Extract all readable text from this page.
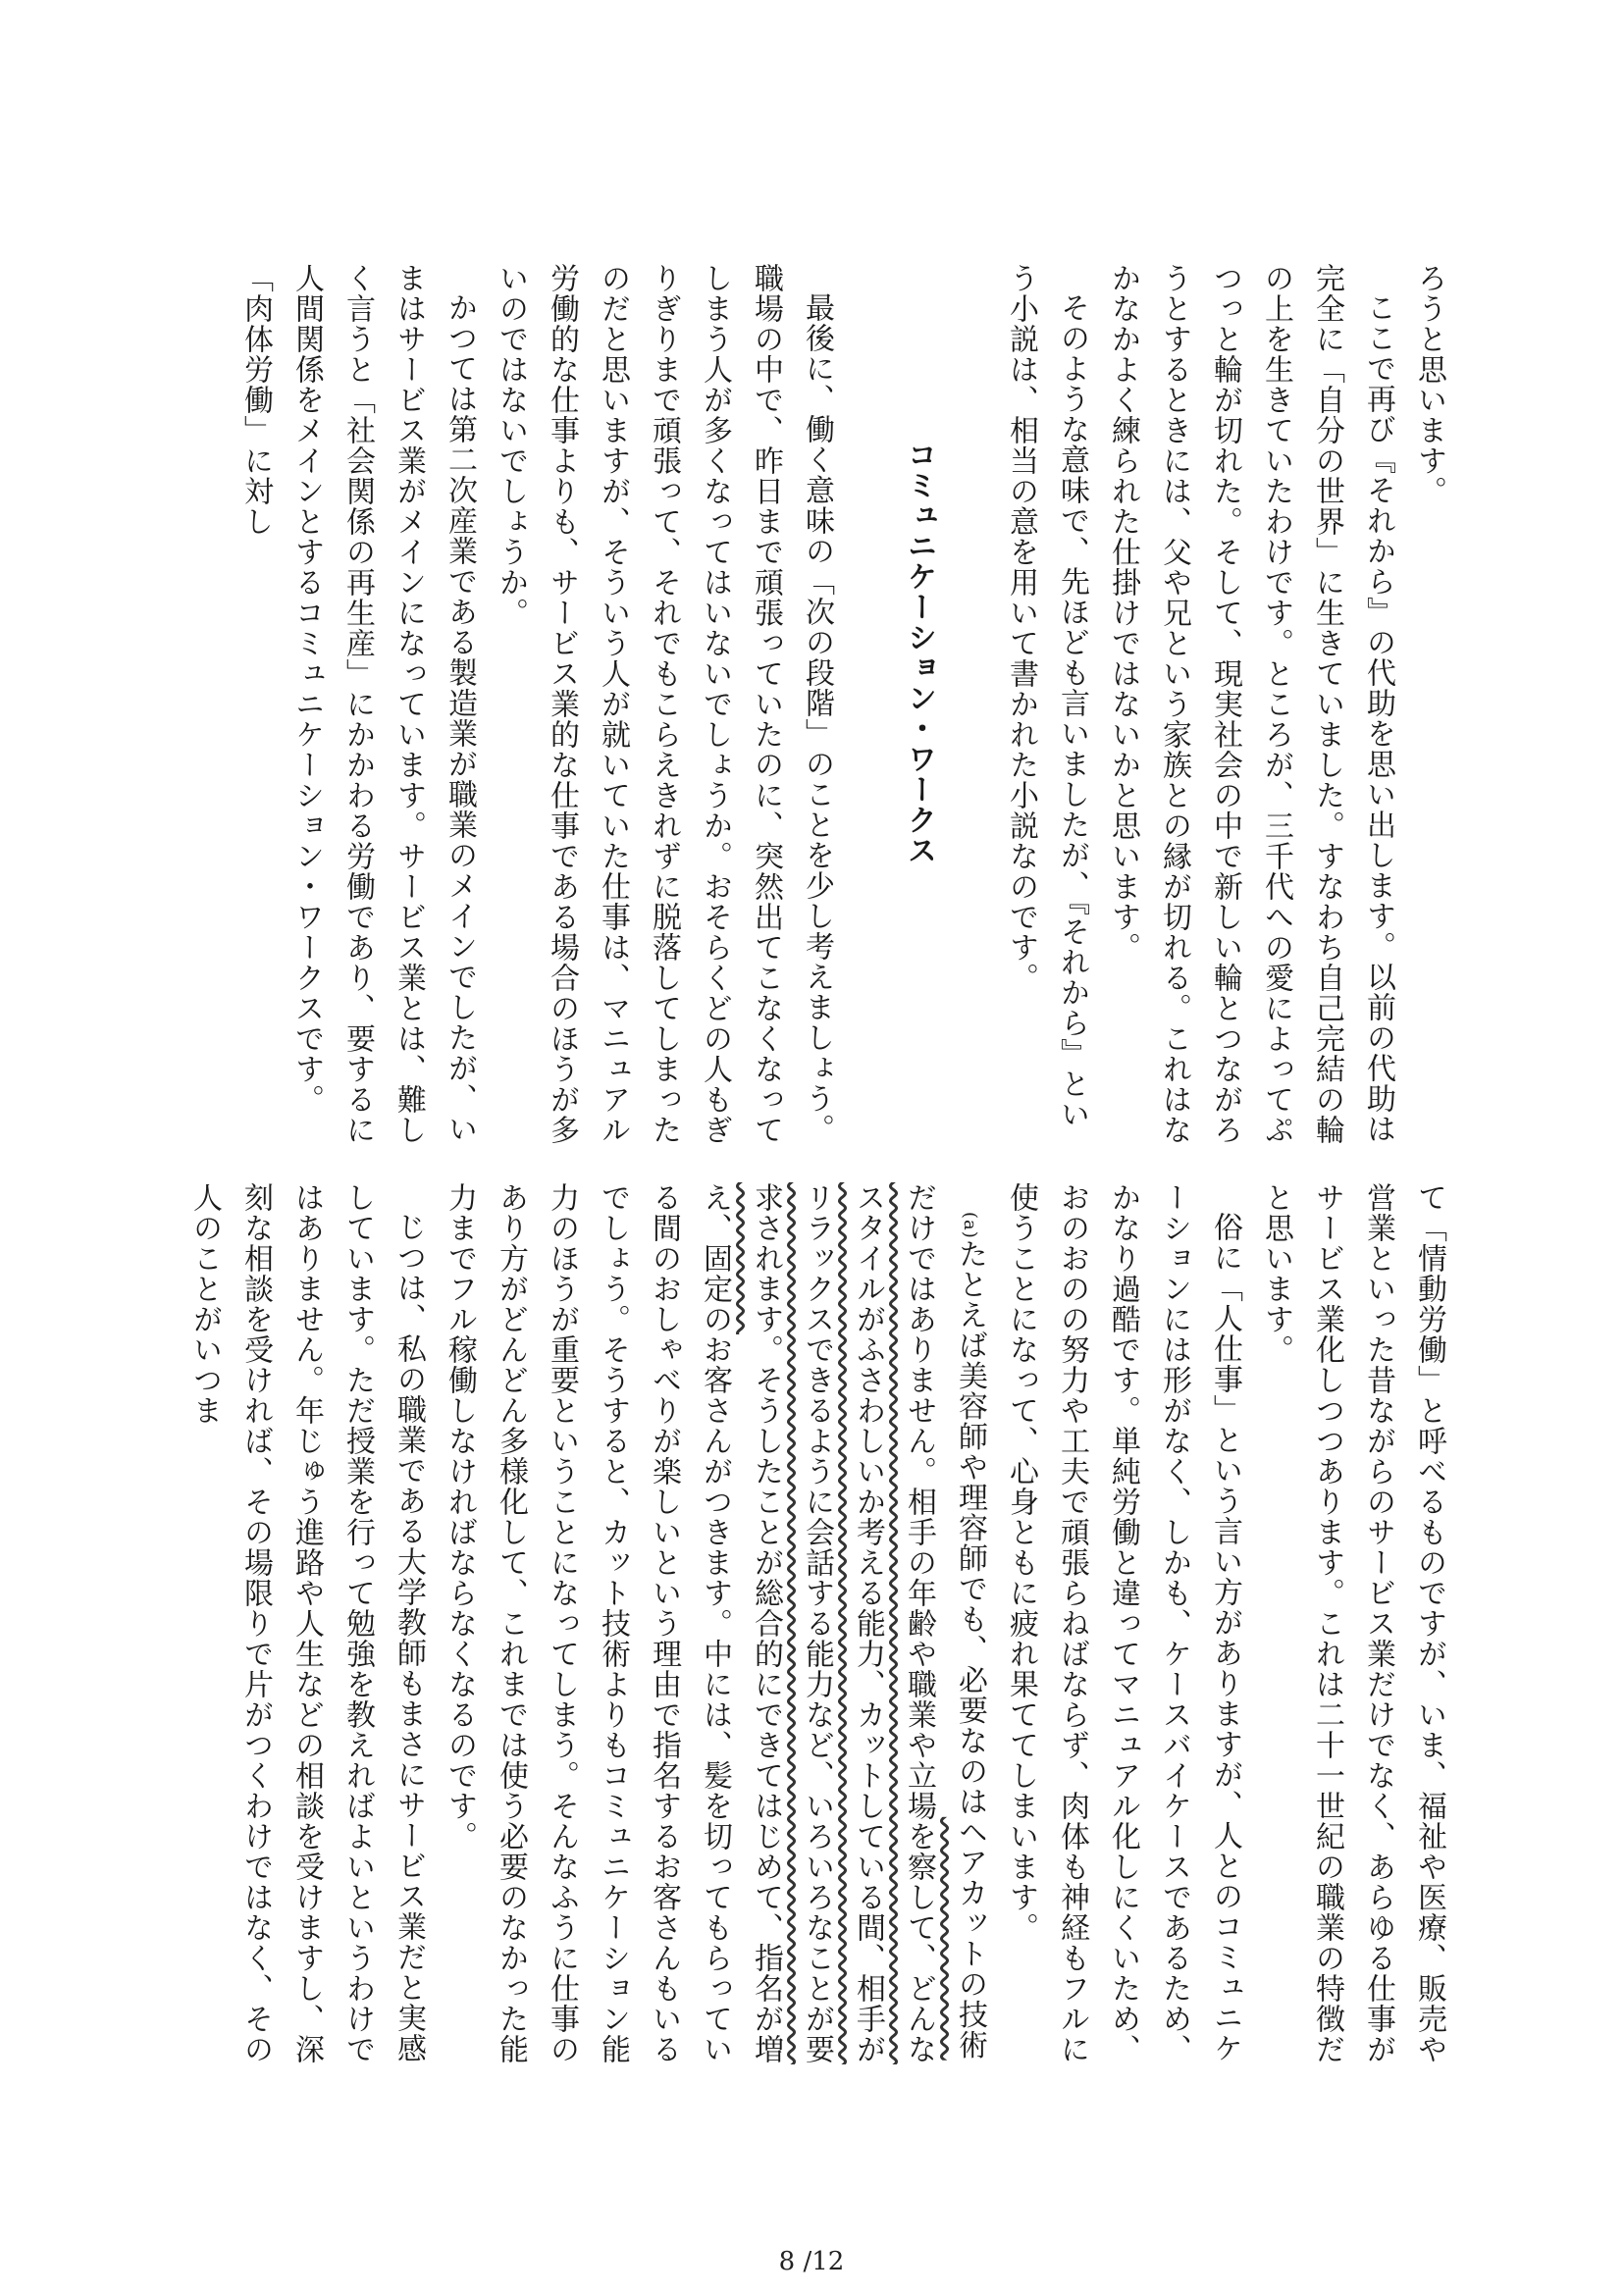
ろうと思います。

ここで再び『それから』の代助を思い出します。以前の代助は完全に「自分の世界」に生きていました。すなわち自己完結の輪の上を生きていたわけです。ところが、三千代への愛によってぷつっと輪が切れた。そして、現実社会の中で新しい輪とつながろうとするときには、父や兄という家族との縁が切れる。これはなかなかよく練られた仕掛けではないかと思います。

そのような意味で、先ほども言いましたが、『それから』という小説は、相当の意を用いて書かれた小説なのです。

コミュニケーション・ワークス

最後に、働く意味の「次の段階」のことを少し考えましょう。職場の中で、昨日まで頑張っていたのに、突然出てこなくなってしまう人が多くなってはいないでしょうか。おそらくどの人もぎりぎりまで頑張って、それでもこらえきれずに脱落してしまったのだと思いますが、そういう人が就いていた仕事は、マニュアル労働的な仕事よりも、サービス業的な仕事である場合のほうが多いのではないでしょうか。

かつては第二次産業である製造業が職業のメインでしたが、いまはサービス業がメインになっています。サービス業とは、難しく言うと「社会関係の再生産」にかかわる労働であり、要するに人間関係をメインとするコミュニケーション・ワークスです。「肉体労働」に対し

て「情動労働」と呼べるものですが、いま、福祉や医療、販売や営業といった昔ながらのサービス業だけでなく、あらゆる仕事がサービス業化しつつあります。これは二十一世紀の職業の特徴だと思います。

俗に「人仕事」という言い方がありますが、人とのコミュニケーションには形がなく、しかも、ケースバイケースであるため、かなり過酷です。単純労働と違ってマニュアル化しにくいため、おのおのの努力や工夫で頑張らねばならず、肉体も神経もフルに使うことになって、心身ともに疲れ果ててしまいます。

(a)たとえば美容師や理容師でも、必要なのはヘアカットの技術だけではありません。相手の年齢や職業や立場を察して、どんなスタイルがふさわしいか考える能力、カットしている間、相手がリラックスできるように会話する能力など、いろいろなことが要求されます。そうしたことが総合的にできてはじめて、指名が増え、固定のお客さんがつきます。中には、髪を切ってもらっている間のおしゃべりが楽しいという理由で指名するお客さんもいるでしょう。そうすると、カット技術よりもコミュニケーション能力のほうが重要ということになってしまう。そんなふうに仕事のあり方がどんどん多様化して、これまでは使う必要のなかった能力までフル稼働しなければならなくなるのです。

じつは、私の職業である大学教師もまさにサービス業だと実感しています。ただ授業を行って勉強を教えればよいというわけではありません。年じゅう進路や人生などの相談を受けますし、深刻な相談を受ければ、その場限りで片がつくわけではなく、その人のことがいつま

8 /12
